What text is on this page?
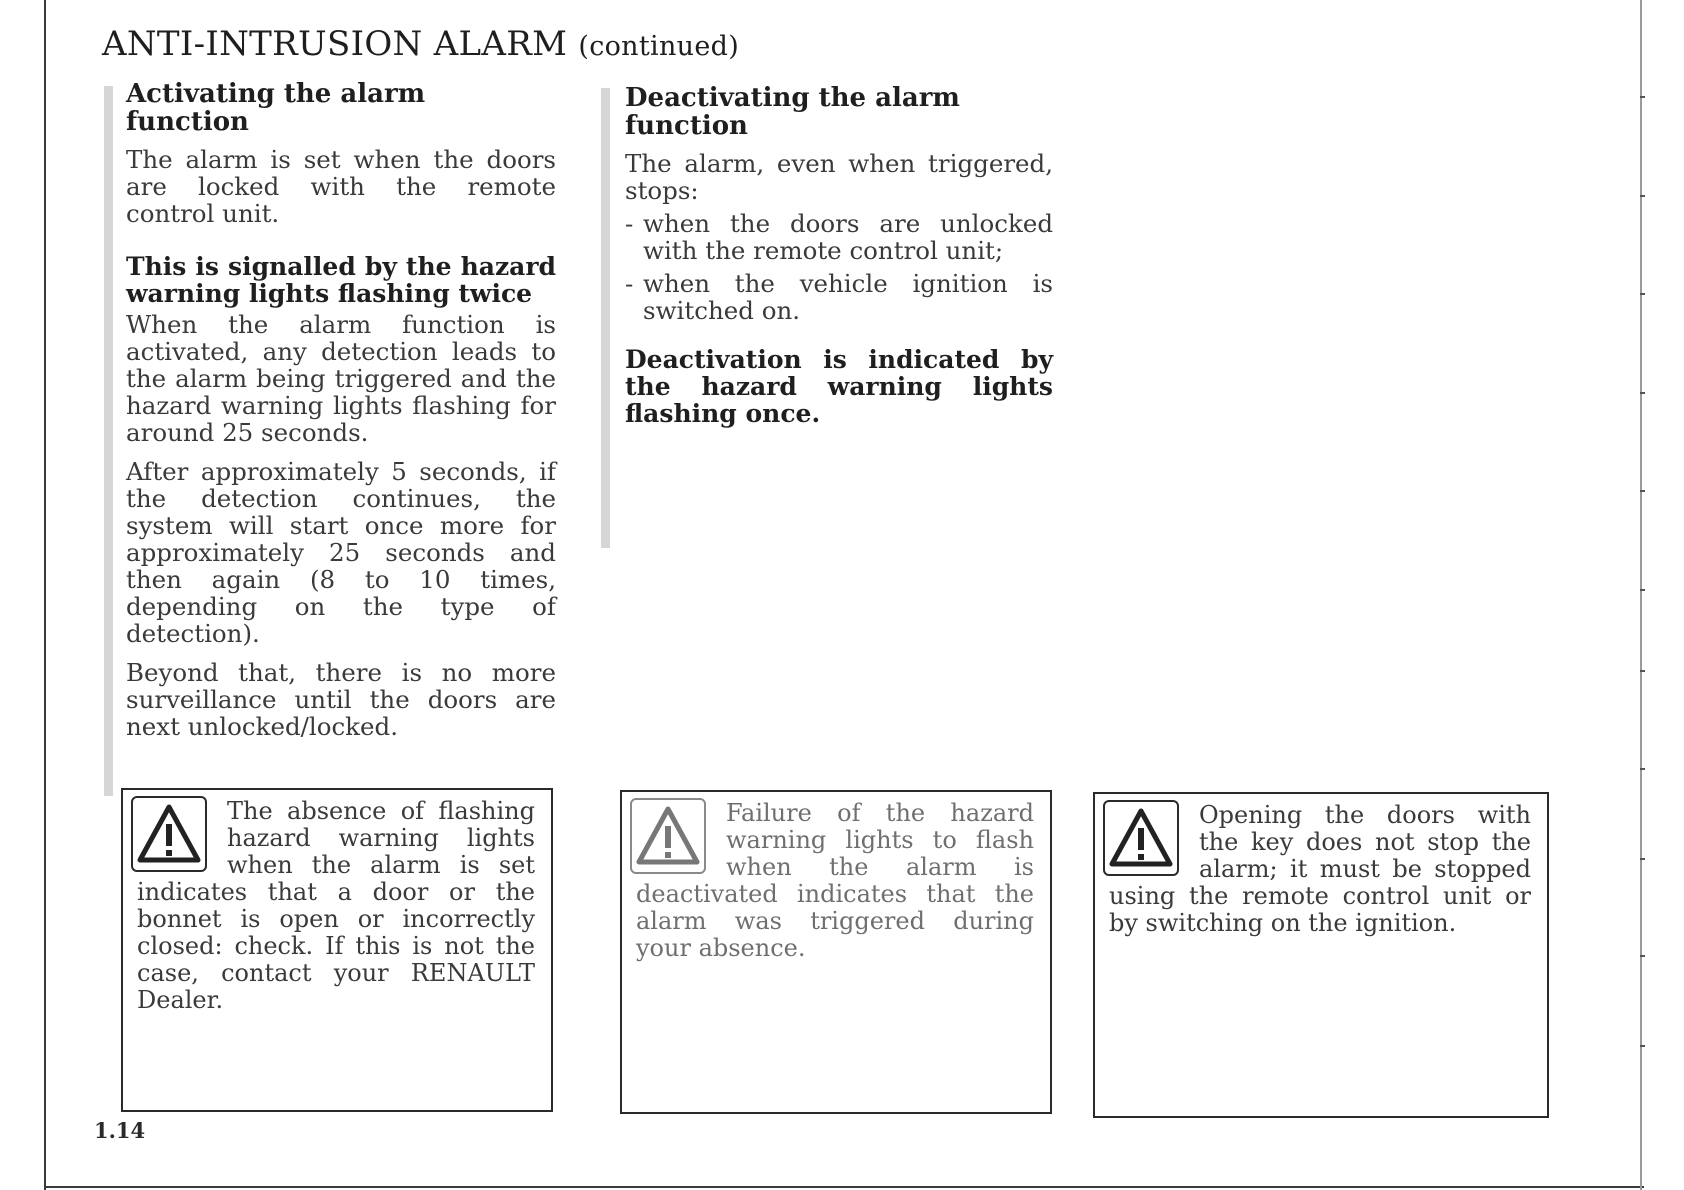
ANTI-INTRUSION ALARM (continued)
Activating the alarm function

The alarm is set when the doors are locked with the remote control unit.

This is signalled by the hazard warning lights flashing twice

When the alarm function is activated, any detection leads to the alarm being triggered and the hazard warning lights flashing for around 25 seconds.

After approximately 5 seconds, if the detection continues, the system will start once more for approximately 25 seconds and then again (8 to 10 times, depending on the type of detection).

Beyond that, there is no more surveillance until the doors are next unlocked/locked.

Deactivating the alarm function

The alarm, even when triggered, stops:

- when the doors are unlocked with the remote control unit;
- when the vehicle ignition is switched on.
Deactivation is indicated by the hazard warning lights flashing once.

The absence of flashing hazard warning lights when the alarm is set indicates that a door or the bonnet is open or incorrectly closed: check. If this is not the case, contact your RENAULT Dealer.

Failure of the hazard warning lights to flash when the alarm is deactivated indicates that the alarm was triggered during your absence.

Opening the doors with the key does not stop the alarm; it must be stopped using the remote control unit or by switching on the ignition.

1.14
